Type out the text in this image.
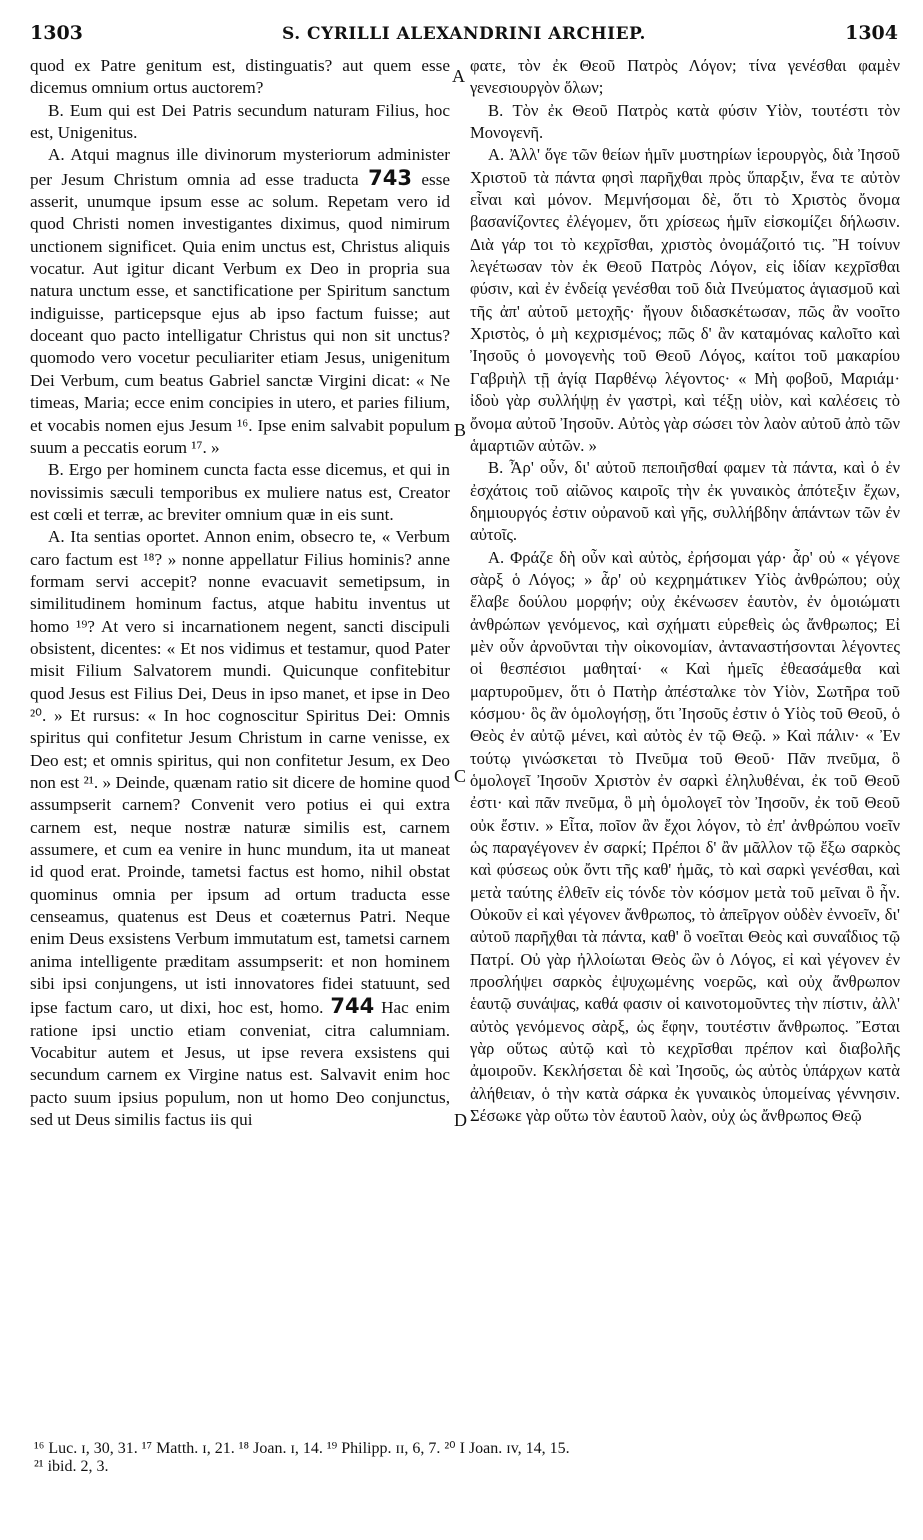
1303	S. CYRILLI ALEXANDRINI ARCHIEP.	1304

quod ex Patre genitum est, distinguatis? aut quem esse dicemus omnium ortus auctorem?

B. Eum qui est Dei Patris secundum naturam Filius, hoc est, Unigenitus.

A. Atqui magnus ille divinorum mysteriorum administer per Jesum Christum omnia ad esse traducta 743 esse asserit, unumque ipsum esse ac solum. Repetam vero id quod Christi nomen investigantes diximus, quod nimirum unctionem significet. Quia enim unctus est, Christus aliquis vocatur. Aut igitur dicant Verbum ex Deo in propria sua natura unctum esse, et sanctificatione per Spiritum sanctum indiguisse, particepsque ejus ab ipso factum fuisse; aut doceant quo pacto intelligatur Christus qui non sit unctus? quomodo vero vocetur peculiariter etiam Jesus, unigenitum Dei Verbum, cum beatus Gabriel sanctæ Virgini dicat: « Ne timeas, Maria; ecce enim concipies in utero, et paries filium, et vocabis nomen ejus Jesum ¹⁶. Ipse enim salvabit populum suum a peccatis eorum ¹⁷. »

B. Ergo per hominem cuncta facta esse dicemus, et qui in novissimis sæculi temporibus ex muliere natus est, Creator est cœli et terræ, ac breviter omnium quæ in eis sunt.

A. Ita sentias oportet. Annon enim, obsecro te, « Verbum caro factum est ¹⁸? » nonne appellatur Filius hominis? anne formam servi accepit? nonne evacuavit semetipsum, in similitudinem hominum factus, atque habitu inventus ut homo ¹⁹? At vero si incarnationem negent, sancti discipuli obsistent, dicentes: « Et nos vidimus et testamur, quod Pater misit Filium Salvatorem mundi. Quicunque confitebitur quod Jesus est Filius Dei, Deus in ipso manet, et ipse in Deo ²⁰. » Et rursus: « In hoc cognoscitur Spiritus Dei: Omnis spiritus qui confitetur Jesum Christum in carne venisse, ex Deo est; et omnis spiritus, qui non confitetur Jesum, ex Deo non est ²¹. » Deinde, quænam ratio sit dicere de homine quod assumpserit carnem? Convenit vero potius ei qui extra carnem est, neque nostræ naturæ similis est, carnem assumere, et cum ea venire in hunc mundum, ita ut maneat id quod erat. Proinde, tametsi factus est homo, nihil obstat quominus omnia per ipsum ad ortum traducta esse censeamus, quatenus est Deus et coæternus Patri. Neque enim Deus exsistens Verbum immutatum est, tametsi carnem anima intelligente præditam assumpserit: et non hominem sibi ipsi conjungens, ut isti innovatores fidei statuunt, sed ipse factum caro, ut dixi, hoc est, homo. 744 Hac enim ratione ipsi unctio etiam conveniat, citra calumniam. Vocabitur autem et Jesus, ut ipse revera exsistens qui secundum carnem ex Virgine natus est. Salvavit enim hoc pacto suum ipsius populum, non ut homo Deo conjunctus, sed ut Deus similis factus iis qui

A
B
C
D

φατε, τὸν ἐκ Θεοῦ Πατρὸς Λόγον; τίνα γενέσθαι φαμὲν γενεσιουργὸν ὅλων;

B. Τὸν ἐκ Θεοῦ Πατρὸς κατὰ φύσιν Υἱὸν, τουτέστι τὸν Μονογενῆ.

A. Ἀλλ' ὅγε τῶν θείων ἡμῖν μυστηρίων ἱερουργὸς, διὰ Ἰησοῦ Χριστοῦ τὰ πάντα φησὶ παρῆχθαι πρὸς ὕπαρξιν, ἕνα τε αὐτὸν εἶναι καὶ μόνον. Μεμνήσομαι δὲ, ὅτι τὸ Χριστὸς ὄνομα βασανίζοντες ἐλέγομεν, ὅτι χρίσεως ἡμῖν εἰσκομίζει δήλωσιν. Διὰ γάρ τοι τὸ κεχρῖσθαι, χριστὸς ὀνομάζοιτό τις. Ἢ τοίνυν λεγέτωσαν τὸν ἐκ Θεοῦ Πατρὸς Λόγον, εἰς ἰδίαν κεχρῖσθαι φύσιν, καὶ ἐν ἐνδείᾳ γενέσθαι τοῦ διὰ Πνεύματος ἁγιασμοῦ καὶ τῆς ἀπ' αὐτοῦ μετοχῆς· ἤγουν διδασκέτωσαν, πῶς ἂν νοοῖτο Χριστὸς, ὁ μὴ κεχρισμένος; πῶς δ' ἂν καταμόνας καλοῖτο καὶ Ἰησοῦς ὁ μονογενὴς τοῦ Θεοῦ Λόγος, καίτοι τοῦ μακαρίου Γαβριὴλ τῇ ἁγίᾳ Παρθένῳ λέγοντος· « Μὴ φοβοῦ, Μαριάμ· ἰδοὺ γὰρ συλλήψῃ ἐν γαστρὶ, καὶ τέξῃ υἱὸν, καὶ καλέσεις τὸ ὄνομα αὐτοῦ Ἰησοῦν. Αὐτὸς γὰρ σώσει τὸν λαὸν αὐτοῦ ἀπὸ τῶν ἁμαρτιῶν αὐτῶν. »

B. Ἆρ' οὖν, δι' αὐτοῦ πεποιῆσθαί φαμεν τὰ πάντα, καὶ ὁ ἐν ἐσχάτοις τοῦ αἰῶνος καιροῖς τὴν ἐκ γυναικὸς ἀπότεξιν ἔχων, δημιουργός ἐστιν οὐρανοῦ καὶ γῆς, συλλήβδην ἁπάντων τῶν ἐν αὐτοῖς.

A. Φράζε δὴ οὖν καὶ αὐτὸς, ἐρήσομαι γάρ· ἆρ' οὐ « γέγονε σὰρξ ὁ Λόγος; » ἆρ' οὐ κεχρημάτικεν Υἱὸς ἀνθρώπου; οὐχ ἔλαβε δούλου μορφήν; οὐχ ἐκένωσεν ἑαυτὸν, ἐν ὁμοιώματι ἀνθρώπων γενόμενος, καὶ σχήματι εὑρεθεὶς ὡς ἄνθρωπος; Εἰ μὲν οὖν ἀρνοῦνται τὴν οἰκονομίαν, ἀνταναστήσονται λέγοντες οἱ θεσπέσιοι μαθηταί· « Καὶ ἡμεῖς ἐθεασάμεθα καὶ μαρτυροῦμεν, ὅτι ὁ Πατὴρ ἀπέσταλκε τὸν Υἱὸν, Σωτῆρα τοῦ κόσμου· ὃς ἂν ὁμολογήσῃ, ὅτι Ἰησοῦς ἐστιν ὁ Υἱὸς τοῦ Θεοῦ, ὁ Θεὸς ἐν αὐτῷ μένει, καὶ αὐτὸς ἐν τῷ Θεῷ. » Καὶ πάλιν· « Ἐν τούτῳ γινώσκεται τὸ Πνεῦμα τοῦ Θεοῦ· Πᾶν πνεῦμα, ὃ ὁμολογεῖ Ἰησοῦν Χριστὸν ἐν σαρκὶ ἐληλυθέναι, ἐκ τοῦ Θεοῦ ἐστι· καὶ πᾶν πνεῦμα, ὃ μὴ ὁμολογεῖ τὸν Ἰησοῦν, ἐκ τοῦ Θεοῦ οὐκ ἔστιν. » Εἶτα, ποῖον ἂν ἔχοι λόγον, τὸ ἐπ' ἀνθρώπου νοεῖν ὡς παραγέγονεν ἐν σαρκί; Πρέποι δ' ἂν μᾶλλον τῷ ἔξω σαρκὸς καὶ φύσεως οὐκ ὄντι τῆς καθ' ἡμᾶς, τὸ καὶ σαρκὶ γενέσθαι, καὶ μετὰ ταύτης ἐλθεῖν εἰς τόνδε τὸν κόσμον μετὰ τοῦ μεῖναι ὃ ἦν. Οὐκοῦν εἰ καὶ γέγονεν ἄνθρωπος, τὸ ἀπεῖργον οὐδὲν ἐννοεῖν, δι' αὐτοῦ παρῆχθαι τὰ πάντα, καθ' ὃ νοεῖται Θεὸς καὶ συναΐδιος τῷ Πατρί. Οὐ γὰρ ἠλλοίωται Θεὸς ὢν ὁ Λόγος, εἰ καὶ γέγονεν ἐν προσλήψει σαρκὸς ἐψυχωμένης νοερῶς, καὶ οὐχ ἄνθρωπον ἑαυτῷ συνάψας, καθά φασιν οἱ καινοτομοῦντες τὴν πίστιν, ἀλλ' αὐτὸς γενόμενος σὰρξ, ὡς ἔφην, τουτέστιν ἄνθρωπος. Ἔσται γὰρ οὕτως αὐτῷ καὶ τὸ κεχρῖσθαι πρέπον καὶ διαβολῆς ἀμοιροῦν. Κεκλήσεται δὲ καὶ Ἰησοῦς, ὡς αὐτὸς ὑπάρχων κατὰ ἀλήθειαν, ὁ τὴν κατὰ σάρκα ἐκ γυναικὸς ὑπομείνας γέννησιν. Σέσωκε γὰρ οὕτω τὸν ἑαυτοῦ λαὸν, οὐχ ὡς ἄνθρωπος Θεῷ

¹⁶ Luc. ɪ, 30, 31. ¹⁷ Matth. ɪ, 21. ¹⁸ Joan. ɪ, 14. ¹⁹ Philipp. ɪɪ, 6, 7. ²⁰ I Joan. ɪv, 14, 15.

²¹ ibid. 2, 3.
